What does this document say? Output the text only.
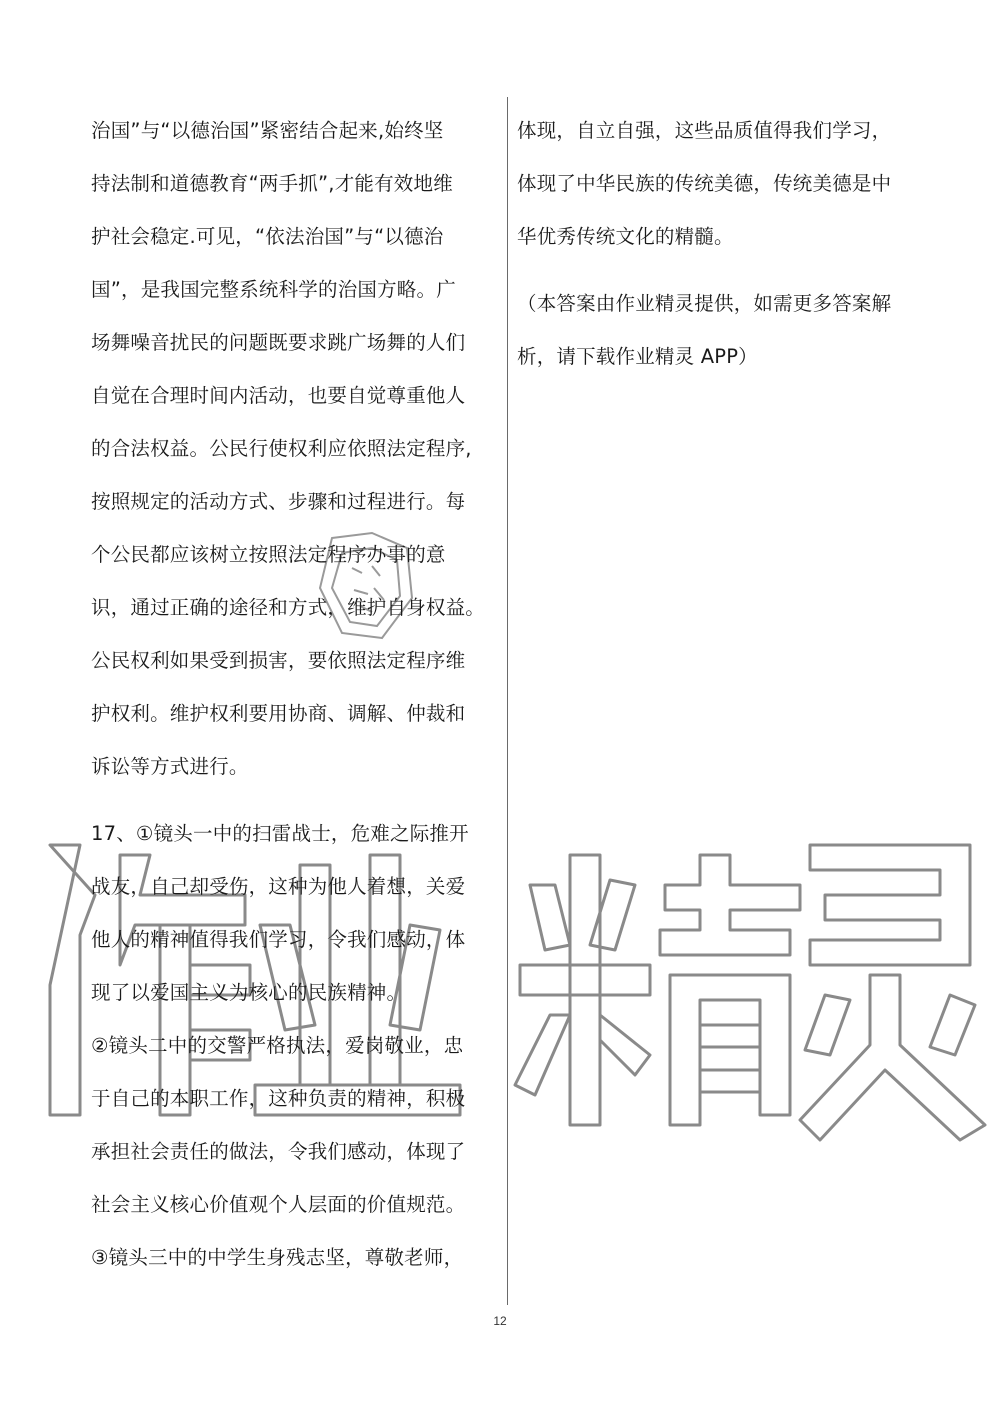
治国”与“以德治国”紧密结合起来,始终坚
持法制和道德教育“两手抓”,才能有效地维
护社会稳定.可见，“依法治国”与“以德治
国”，是我国完整系统科学的治国方略。广
场舞噪音扰民的问题既要求跳广场舞的人们
自觉在合理时间内活动，也要自觉尊重他人
的合法权益。公民行使权利应依照法定程序,
按照规定的活动方式、步骤和过程进行。每
个公民都应该树立按照法定程序办事的意
识，通过正确的途径和方式，维护自身权益。
公民权利如果受到损害，要依照法定程序维
护权利。维护权利要用协商、调解、仲裁和
诉讼等方式进行。
17、①镜头一中的扫雷战士，危难之际推开
战友，自己却受伤，这种为他人着想，关爱
他人的精神值得我们学习，令我们感动，体
现了以爱国主义为核心的民族精神。
②镜头二中的交警严格执法，爱岗敬业，忠
于自己的本职工作，这种负责的精神，积极
承担社会责任的做法，令我们感动，体现了
社会主义核心价值观个人层面的价值规范。
③镜头三中的中学生身残志坚，尊敬老师，
体现，自立自强，这些品质值得我们学习，
体现了中华民族的传统美德，传统美德是中
华优秀传统文化的精髓。
（本答案由作业精灵提供，如需更多答案解
析，请下载作业精灵 APP）
12
